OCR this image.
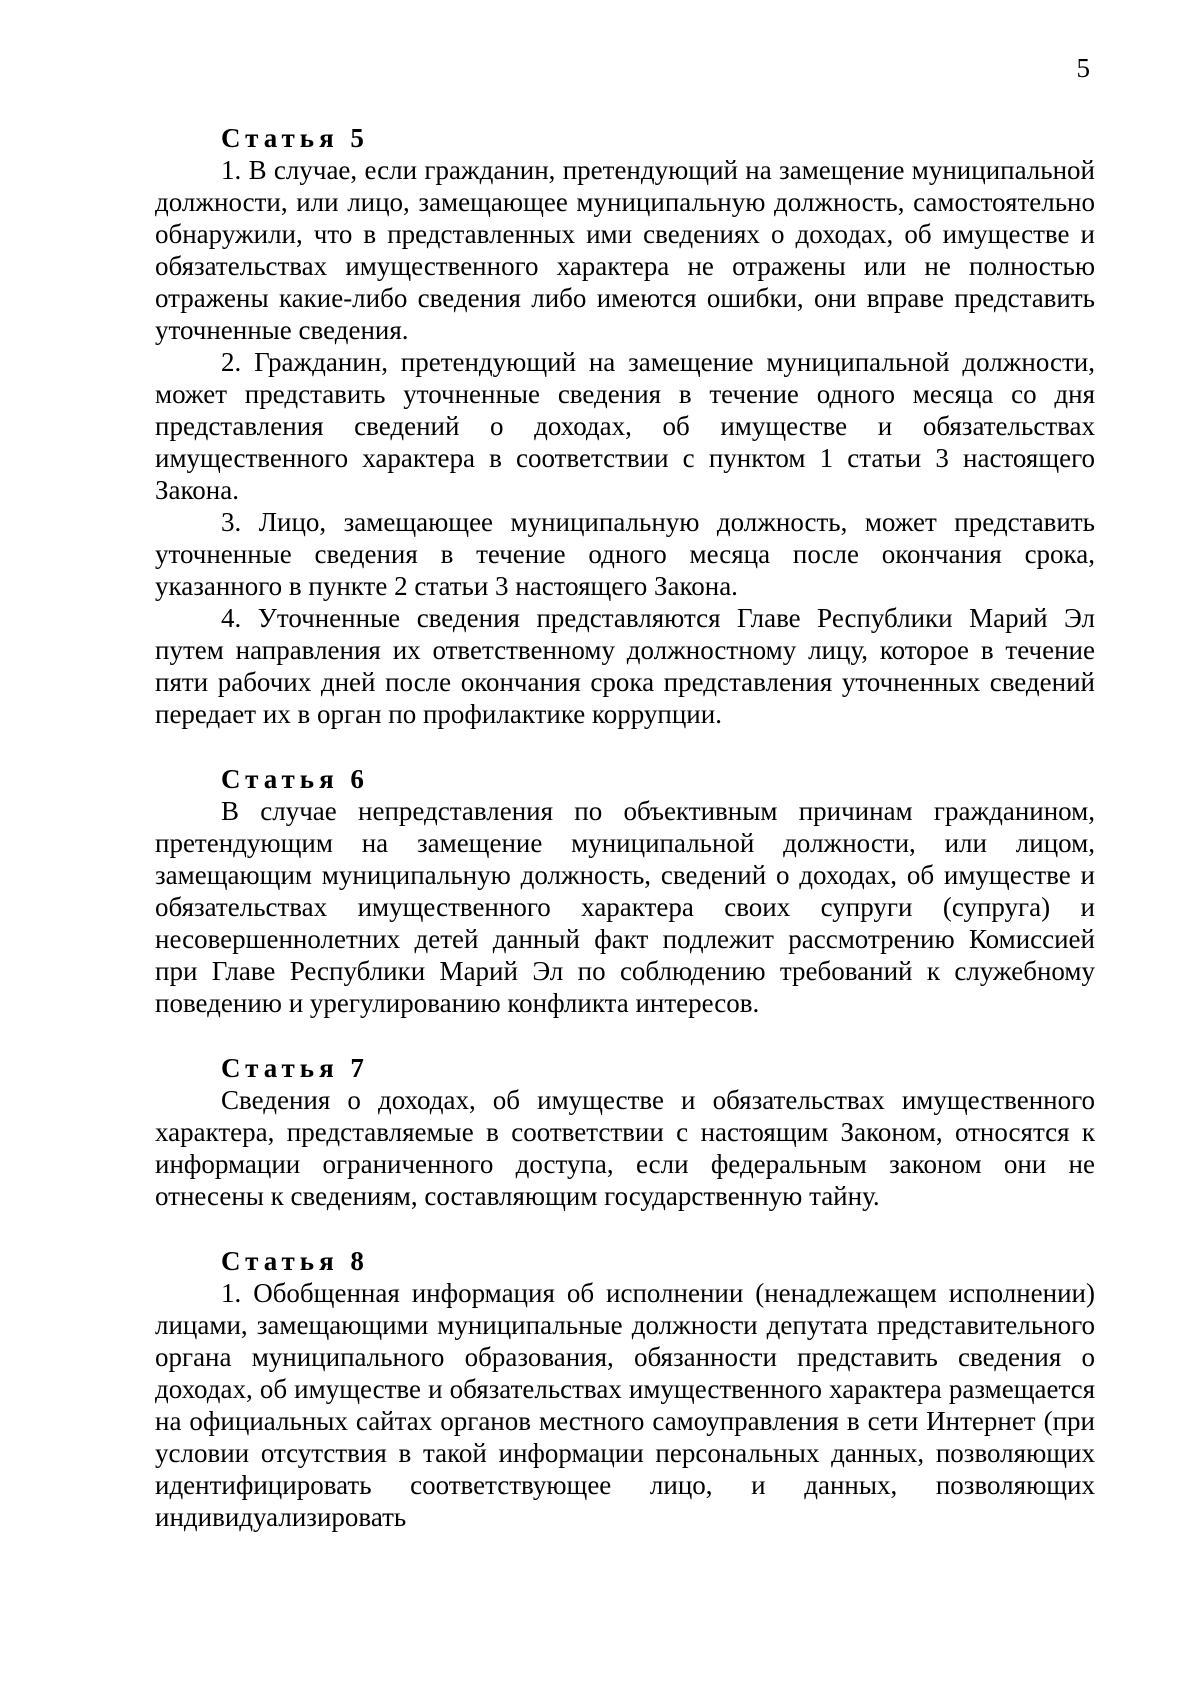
5
Статья 5

1. В случае, если гражданин, претендующий на замещение муниципальной должности, или лицо, замещающее муниципальную должность, самостоятельно обнаружили, что в представленных ими сведениях о доходах, об имуществе и обязательствах имущественного характера не отражены или не полностью отражены какие-либо сведения либо имеются ошибки, они вправе представить уточненные сведения.

2. Гражданин, претендующий на замещение муниципальной должности, может представить уточненные сведения в течение одного месяца со дня представления сведений о доходах, об имуществе и обязательствах имущественного характера в соответствии с пунктом 1 статьи 3 настоящего Закона.

3. Лицо, замещающее муниципальную должность, может представить уточненные сведения в течение одного месяца после окончания срока, указанного в пункте 2 статьи 3 настоящего Закона.

4. Уточненные сведения представляются Главе Республики Марий Эл путем направления их ответственному должностному лицу, которое в течение пяти рабочих дней после окончания срока представления уточненных сведений передает их в орган по профилактике коррупции.

Статья 6

В случае непредставления по объективным причинам гражданином, претендующим на замещение муниципальной должности, или лицом, замещающим муниципальную должность, сведений о доходах, об имуществе и обязательствах имущественного характера своих супруги (супруга) и несовершеннолетних детей данный факт подлежит рассмотрению Комиссией при Главе Республики Марий Эл по соблюдению требований к служебному поведению и урегулированию конфликта интересов.

Статья 7

Сведения о доходах, об имуществе и обязательствах имущественного характера, представляемые в соответствии с настоящим Законом, относятся к информации ограниченного доступа, если федеральным законом они не отнесены к сведениям, составляющим государственную тайну.

Статья 8

1. Обобщенная информация об исполнении (ненадлежащем исполнении) лицами, замещающими муниципальные должности депутата представительного органа муниципального образования, обязанности представить сведения о доходах, об имуществе и обязательствах имущественного характера размещается на официальных сайтах органов местного самоуправления в сети Интернет (при условии отсутствия в такой информации персональных данных, позволяющих идентифицировать соответствующее лицо, и данных, позволяющих индивидуализировать
